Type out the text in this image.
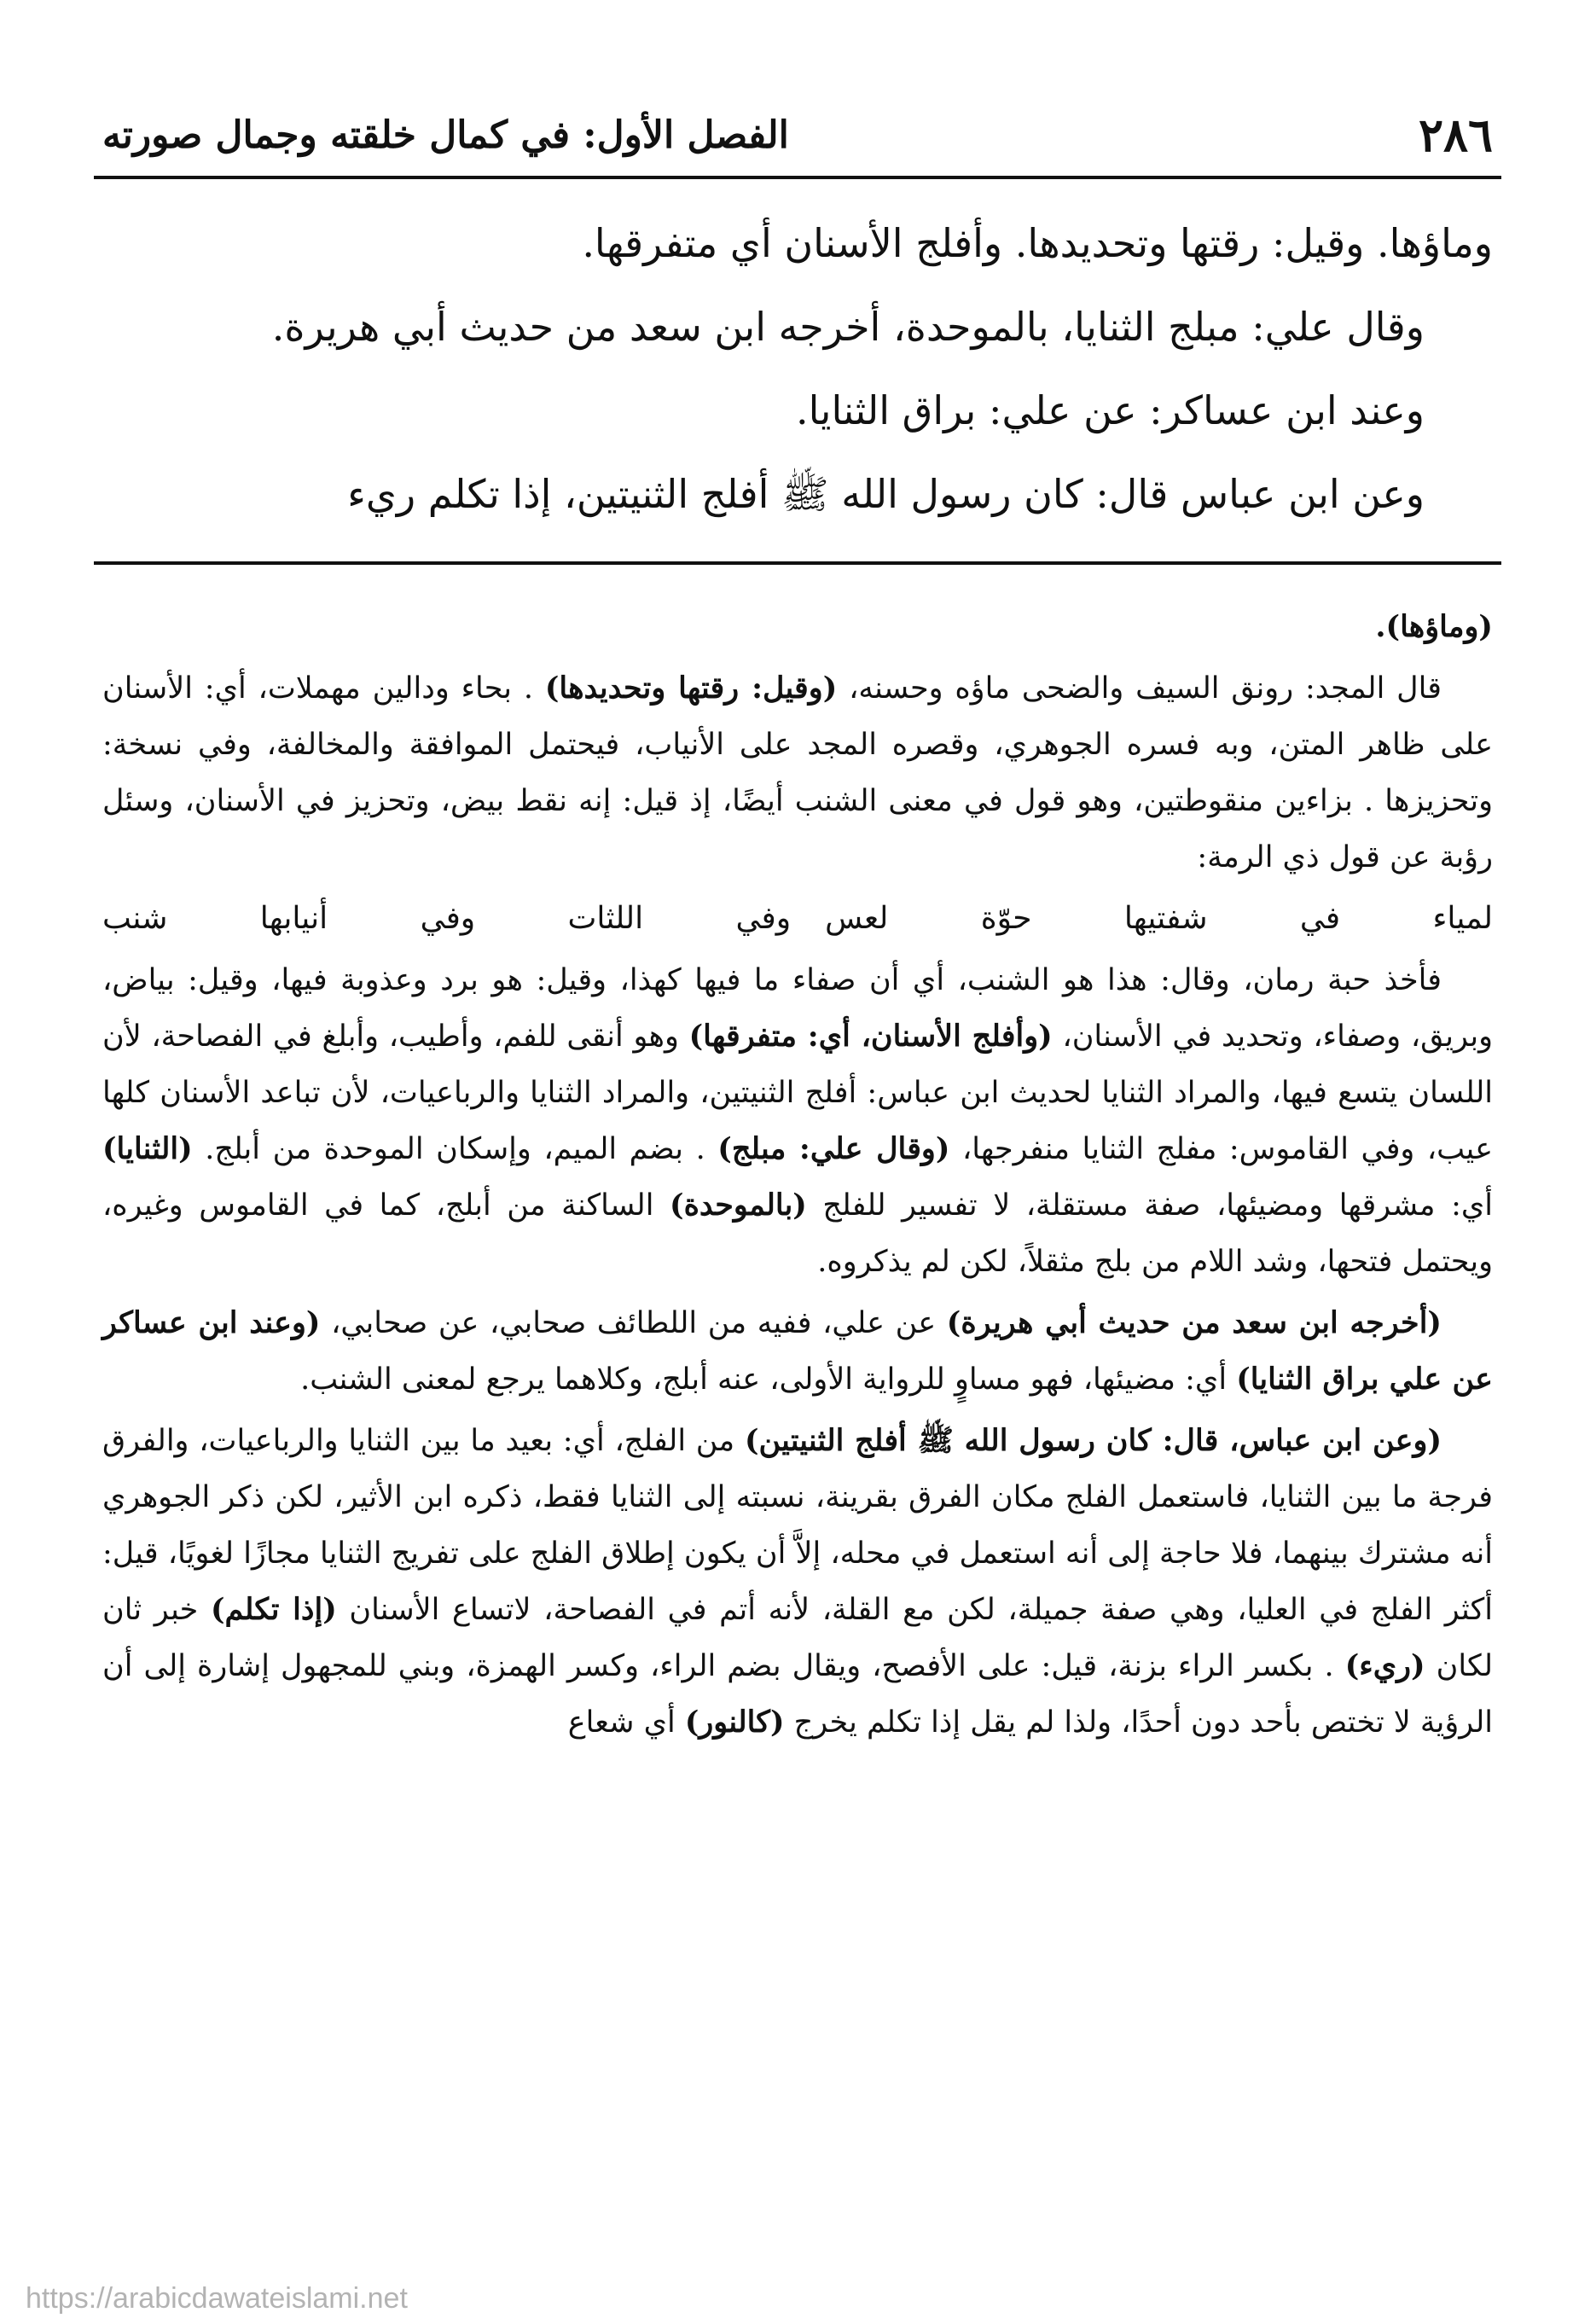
٢٨٦
الفصل الأول: في كمال خلقته وجمال صورته

وماؤها. وقيل: رقتها وتحديدها. وأفلج الأسنان أي متفرقها.

وقال علي: مبلج الثنايا، بالموحدة، أخرجه ابن سعد من حديث أبي هريرة.

وعند ابن عساكر: عن علي: براق الثنايا.

وعن ابن عباس قال: كان رسول الله ﷺ أفلج الثنيتين، إذا تكلم ريء

(وماؤها).

قال المجد: رونق السيف والضحى ماؤه وحسنه، (وقيل: رقتها وتحديدها) . بحاء ودالين مهملات، أي: الأسنان على ظاهر المتن، وبه فسره الجوهري، وقصره المجد على الأنياب، فيحتمل الموافقة والمخالفة، وفي نسخة: وتحزيزها . بزاءين منقوطتين، وهو قول في معنى الشنب أيضًا، إذ قيل: إنه نقط بيض، وتحزيز في الأسنان، وسئل رؤبة عن قول ذي الرمة:

لمياء في شفتيها حوّة لعسوفي اللثات وفي أنيابها شنب

فأخذ حبة رمان، وقال: هذا هو الشنب، أي أن صفاء ما فيها كهذا، وقيل: هو برد وعذوبة فيها، وقيل: بياض، وبريق، وصفاء، وتحديد في الأسنان، (وأفلج الأسنان، أي: متفرقها) وهو أنقى للفم، وأطيب، وأبلغ في الفصاحة، لأن اللسان يتسع فيها، والمراد الثنايا لحديث ابن عباس: أفلج الثنيتين، والمراد الثنايا والرباعيات، لأن تباعد الأسنان كلها عيب، وفي القاموس: مفلج الثنايا منفرجها، (وقال علي: مبلج) . بضم الميم، وإسكان الموحدة من أبلج. (الثنايا) أي: مشرقها ومضيئها، صفة مستقلة، لا تفسير للفلج (بالموحدة) الساكنة من أبلج، كما في القاموس وغيره، ويحتمل فتحها، وشد اللام من بلج مثقلاً، لكن لم يذكروه.

(أخرجه ابن سعد من حديث أبي هريرة) عن علي، ففيه من اللطائف صحابي، عن صحابي، (وعند ابن عساكر عن علي براق الثنايا) أي: مضيئها، فهو مساوٍ للرواية الأولى، عنه أبلج، وكلاهما يرجع لمعنى الشنب.

(وعن ابن عباس، قال: كان رسول الله ﷺ أفلج الثنيتين) من الفلج، أي: بعيد ما بين الثنايا والرباعيات، والفرق فرجة ما بين الثنايا، فاستعمل الفلج مكان الفرق بقرينة، نسبته إلى الثنايا فقط، ذكره ابن الأثير، لكن ذكر الجوهري أنه مشترك بينهما، فلا حاجة إلى أنه استعمل في محله، إلاَّ أن يكون إطلاق الفلج على تفريج الثنايا مجازًا لغويًا، قيل: أكثر الفلج في العليا، وهي صفة جميلة، لكن مع القلة، لأنه أتم في الفصاحة، لاتساع الأسنان (إذا تكلم) خبر ثان لكان (ريء) . بكسر الراء بزنة، قيل: على الأفصح، ويقال بضم الراء، وكسر الهمزة، وبني للمجهول إشارة إلى أن الرؤية لا تختص بأحد دون أحدًا، ولذا لم يقل إذا تكلم يخرج (كالنور) أي شعاع

https://arabicdawateislami.net
